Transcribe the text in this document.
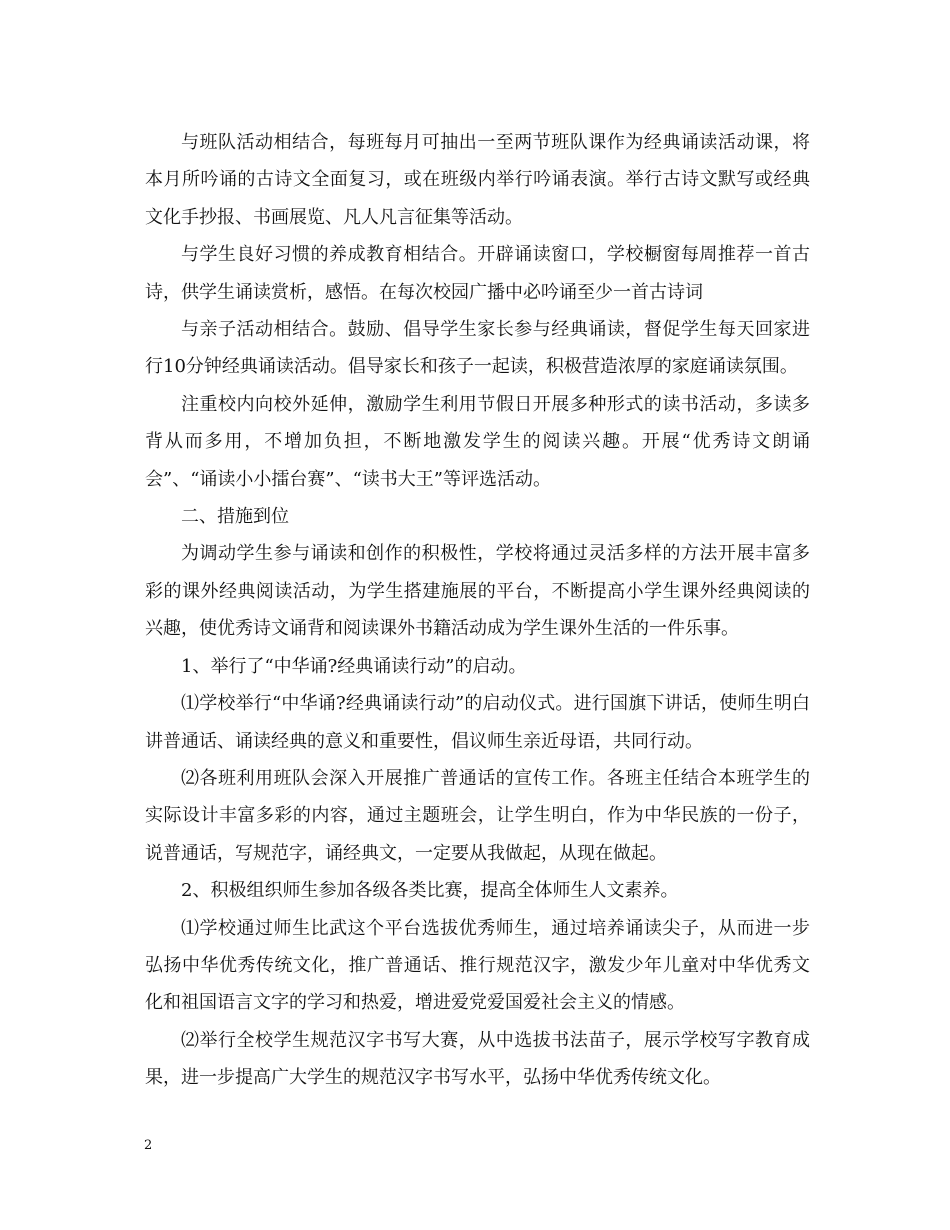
与班队活动相结合，每班每月可抽出一至两节班队课作为经典诵读活动课，将本月所吟诵的古诗文全面复习，或在班级内举行吟诵表演。举行古诗文默写或经典文化手抄报、书画展览、凡人凡言征集等活动。

与学生良好习惯的养成教育相结合。开辟诵读窗口，学校橱窗每周推荐一首古诗，供学生诵读赏析，感悟。在每次校园广播中必吟诵至少一首古诗词

与亲子活动相结合。鼓励、倡导学生家长参与经典诵读，督促学生每天回家进行10分钟经典诵读活动。倡导家长和孩子一起读，积极营造浓厚的家庭诵读氛围。

注重校内向校外延伸，激励学生利用节假日开展多种形式的读书活动，多读多背从而多用，不增加负担，不断地激发学生的阅读兴趣。开展“优秀诗文朗诵会”、“诵读小小擂台赛”、“读书大王”等评选活动。

二、措施到位

为调动学生参与诵读和创作的积极性，学校将通过灵活多样的方法开展丰富多彩的课外经典阅读活动，为学生搭建施展的平台，不断提高小学生课外经典阅读的兴趣，使优秀诗文诵背和阅读课外书籍活动成为学生课外生活的一件乐事。

1、举行了“中华诵?经典诵读行动”的启动。

⑴学校举行“中华诵?经典诵读行动”的启动仪式。进行国旗下讲话，使师生明白讲普通话、诵读经典的意义和重要性，倡议师生亲近母语，共同行动。

⑵各班利用班队会深入开展推广普通话的宣传工作。各班主任结合本班学生的实际设计丰富多彩的内容，通过主题班会，让学生明白，作为中华民族的一份子，说普通话，写规范字，诵经典文，一定要从我做起，从现在做起。

2、积极组织师生参加各级各类比赛，提高全体师生人文素养。

⑴学校通过师生比武这个平台选拔优秀师生，通过培养诵读尖子，从而进一步弘扬中华优秀传统文化，推广普通话、推行规范汉字，激发少年儿童对中华优秀文化和祖国语言文字的学习和热爱，增进爱党爱国爱社会主义的情感。

⑵举行全校学生规范汉字书写大赛，从中选拔书法苗子，展示学校写字教育成果，进一步提高广大学生的规范汉字书写水平，弘扬中华优秀传统文化。

2
